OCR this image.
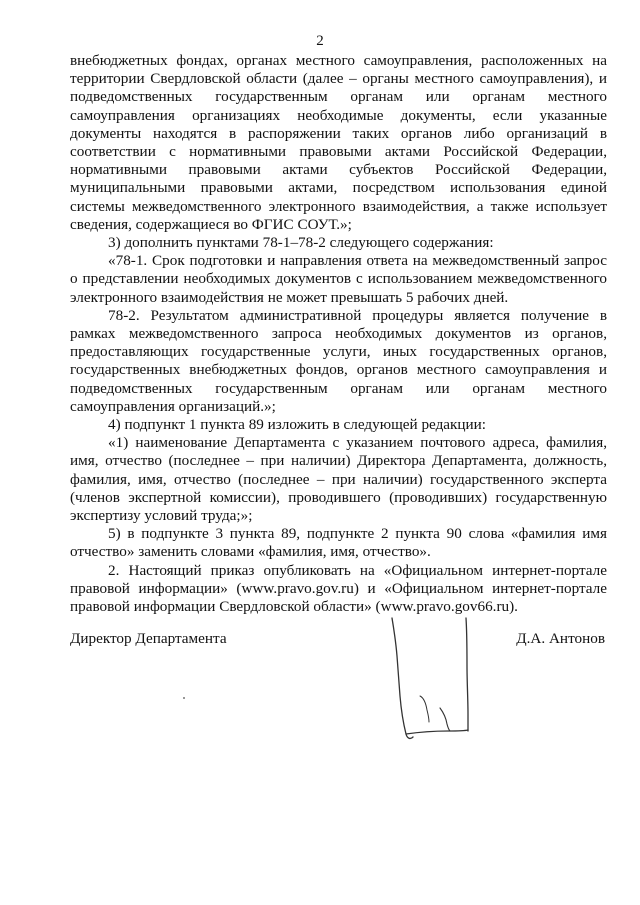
2

внебюджетных фондах, органах местного самоуправления, расположенных на территории Свердловской области (далее – органы местного самоуправления), и подведомственных государственным органам или органам местного самоуправления организациях необходимые документы, если указанные документы находятся в распоряжении таких органов либо организаций в соответствии с нормативными правовыми актами Российской Федерации, нормативными правовыми актами субъектов Российской Федерации, муниципальными правовыми актами, посредством использования единой системы межведомственного электронного взаимодействия, а также использует сведения, содержащиеся во ФГИС СОУТ.»;

3) дополнить пунктами 78-1–78-2 следующего содержания:

«78-1. Срок подготовки и направления ответа на межведомственный запрос о представлении необходимых документов с использованием межведомственного электронного взаимодействия не может превышать 5 рабочих дней.

78-2. Результатом административной процедуры является получение в рамках межведомственного запроса необходимых документов из органов, предоставляющих государственные услуги, иных государственных органов, государственных внебюджетных фондов, органов местного самоуправления и подведомственных государственным органам или органам местного самоуправления организаций.»;

4) подпункт 1 пункта 89 изложить в следующей редакции:

«1) наименование Департамента с указанием почтового адреса, фамилия, имя, отчество (последнее – при наличии) Директора Департамента, должность, фамилия, имя, отчество (последнее – при наличии) государственного эксперта (членов экспертной комиссии), проводившего (проводивших) государственную экспертизу условий труда;»;

5) в подпункте 3 пункта 89, подпункте 2 пункта 90 слова «фамилия имя отчество» заменить словами «фамилия, имя, отчество».

2. Настоящий приказ опубликовать на «Официальном интернет-портале правовой информации» (www.pravo.gov.ru) и «Официальном интернет-портале правовой информации Свердловской области» (www.pravo.gov66.ru).

Директор Департамента	Д.А. Антонов
